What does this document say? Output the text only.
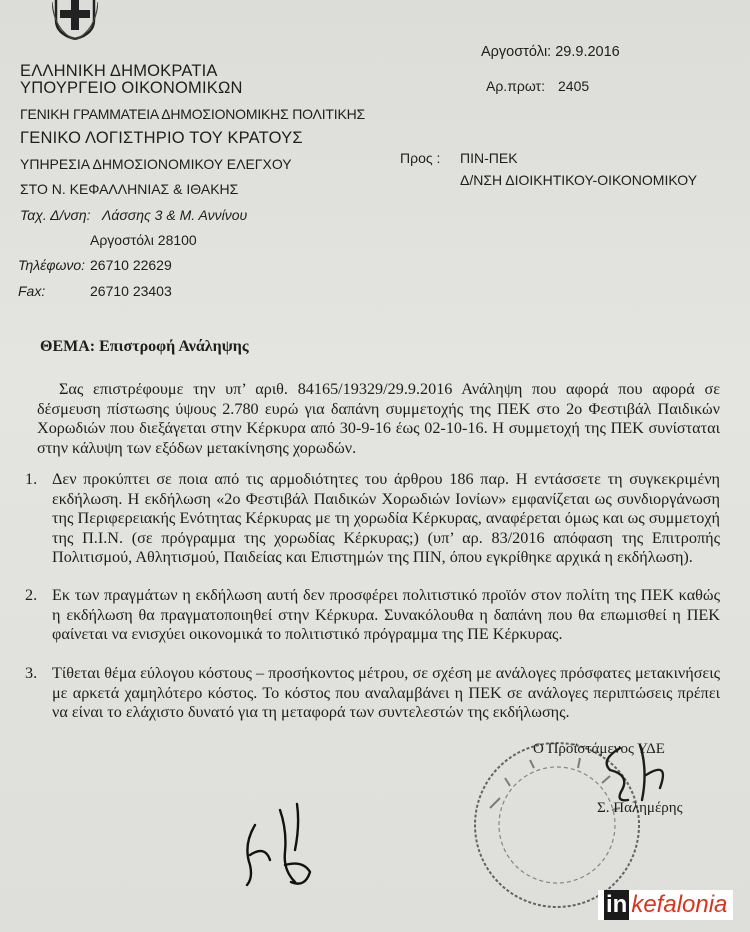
ΕΛΛΗΝΙΚΗ ΔΗΜΟΚΡΑΤΙΑ
ΥΠΟΥΡΓΕΙΟ ΟΙΚΟΝΟΜΙΚΩΝ
ΓΕΝΙΚΗ ΓΡΑΜΜΑΤΕΙΑ ΔΗΜΟΣΙΟΝΟΜΙΚΗΣ ΠΟΛΙΤΙΚΗΣ
ΓΕΝΙΚΟ ΛΟΓΙΣΤΗΡΙΟ ΤΟΥ ΚΡΑΤΟΥΣ
ΥΠΗΡΕΣΙΑ ΔΗΜΟΣΙΟΝΟΜΙΚΟΥ ΕΛΕΓΧΟΥ
ΣΤΟ Ν. ΚΕΦΑΛΛΗΝΙΑΣ & ΙΘΑΚΗΣ
Ταχ. Δ/νση: Λάσσης 3 & Μ. Αννίνου
Αργοστόλι 28100
Τηλέφωνο: 26710 22629
Fax:	26710 23403
Αργοστόλι: 29.9.2016
Αρ.πρωτ: 2405
Προς : ΠΙΝ-ΠΕΚ
Δ/ΝΣΗ ΔΙΟΙΚΗΤΙΚΟΥ-ΟΙΚΟΝΟΜΙΚΟΥ
ΘΕΜΑ: Επιστροφή Ανάληψης
Σας επιστρέφουμε την υπ’ αριθ. 84165/19329/29.9.2016 Ανάληψη που αφορά που αφορά σε δέσμευση πίστωσης ύψους 2.780 ευρώ για δαπάνη συμμετοχής της ΠΕΚ στο 2ο Φεστιβάλ Παιδικών Χορωδιών που διεξάγεται στην Κέρκυρα από 30-9-16 έως 02-10-16. Η συμμετοχή της ΠΕΚ συνίσταται στην κάλυψη των εξόδων μετακίνησης χορωδών.
1. Δεν προκύπτει σε ποια από τις αρμοδιότητες του άρθρου 186 παρ. Η εντάσσετε τη συγκεκριμένη εκδήλωση. Η εκδήλωση «2ο Φεστιβάλ Παιδικών Χορωδιών Ιονίων» εμφανίζεται ως συνδιοργάνωση της Περιφερειακής Ενότητας Κέρκυρας με τη χορωδία Κέρκυρας, αναφέρεται όμως και ως συμμετοχή της Π.Ι.Ν. (σε πρόγραμμα της χορωδίας Κέρκυρας;) (υπ’ αρ. 83/2016 απόφαση της Επιτροπής Πολιτισμού, Αθλητισμού, Παιδείας και Επιστημών της ΠΙΝ, όπου εγκρίθηκε αρχικά η εκδήλωση).
2. Εκ των πραγμάτων η εκδήλωση αυτή δεν προσφέρει πολιτιστικό προϊόν στον πολίτη της ΠΕΚ καθώς η εκδήλωση θα πραγματοποιηθεί στην Κέρκυρα. Συνακόλουθα η δαπάνη που θα επωμισθεί η ΠΕΚ φαίνεται να ενισχύει οικονομικά το πολιτιστικό πρόγραμμα της ΠΕ Κέρκυρας.
3. Τίθεται θέμα εύλογου κόστους – προσήκοντος μέτρου, σε σχέση με ανάλογες πρόσφατες μετακινήσεις με αρκετά χαμηλότερο κόστος. Το κόστος που αναλαμβάνει η ΠΕΚ σε ανάλογες περιπτώσεις πρέπει να είναι το ελάχιστο δυνατό για τη μεταφορά των συντελεστών της εκδήλωσης.
Ο Προϊστάμενος ΥΔΕ
Σ. Παλημέρης
in kefalonia
